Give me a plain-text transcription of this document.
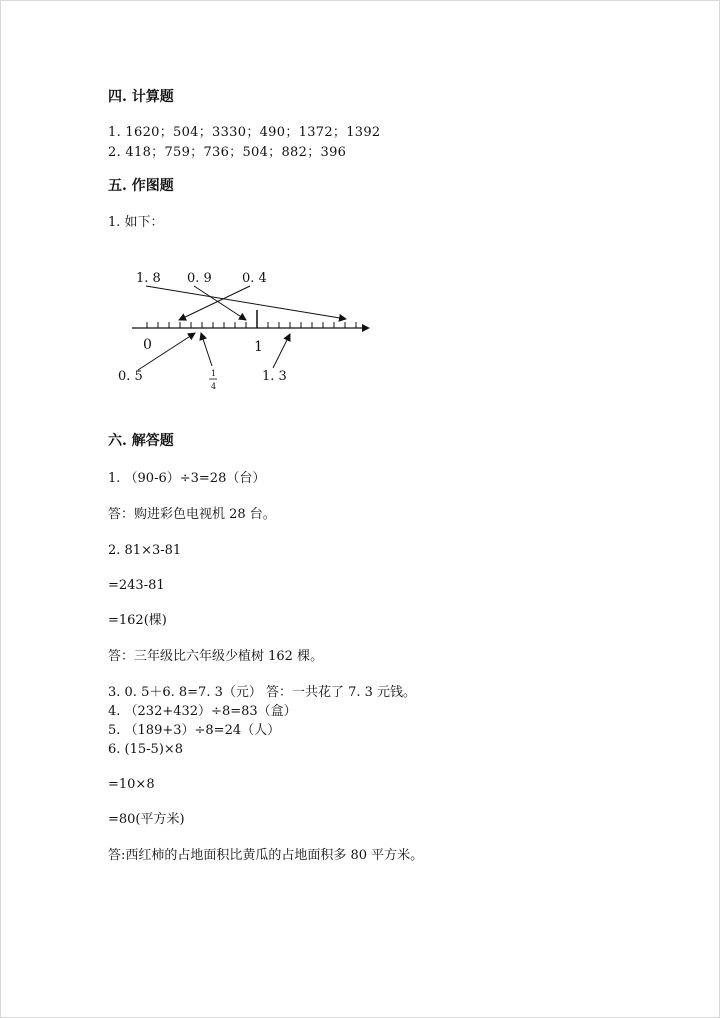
四. 计算题
1. 1620；504；3330；490；1372；1392
2. 418；759；736；504；882；396
五. 作图题
1. 如下：
1. 8 0. 9 0. 4
0	1
0. 5	1
4
1. 3
六. 解答题
1. （90-6）÷3=28（台）
答：购进彩色电视机 28 台。
2. 81×3-81
=243-81
=162(棵)
答：三年级比六年级少植树 162 棵。
3. 0. 5＋6. 8=7. 3（元） 答：一共花了 7. 3 元钱。
4. （232+432）÷8=83（盒）
5. （189+3）÷8=24（人）
6. (15-5)×8
=10×8
=80(平方米)
答:西红柿的占地面积比黄瓜的占地面积多 80 平方米。
